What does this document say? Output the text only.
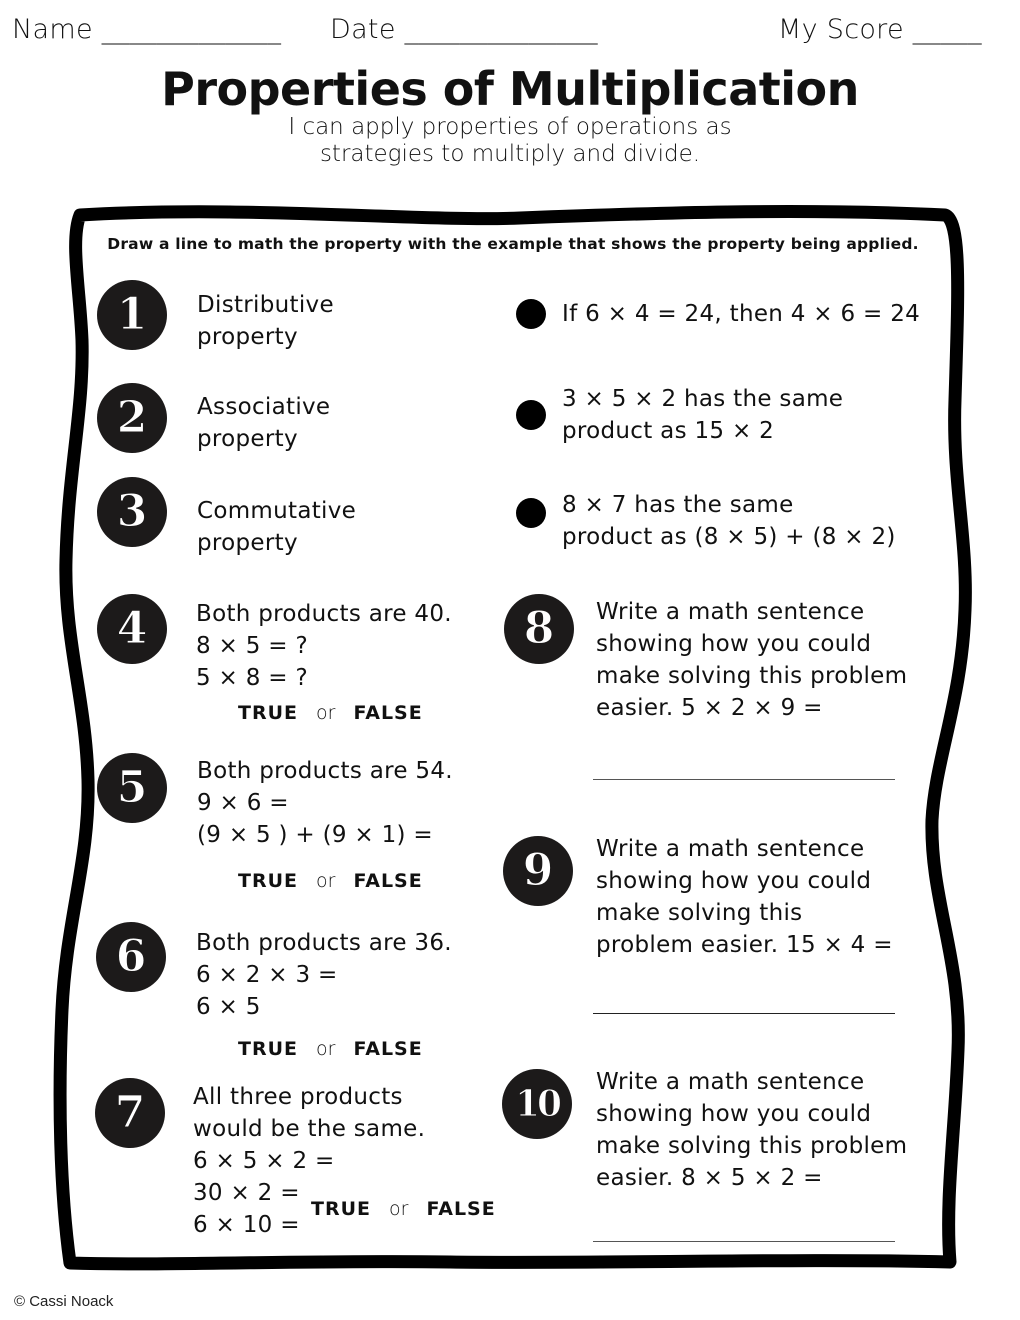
Name _____________ Date ______________	My Score _____
Properties of Multiplication
I can apply properties of operations as
strategies to multiply and divide.
Draw a line to math the property with the example that shows the property being applied.
1 Distributive
property
2 Associative
property
3 Commutative
property
If 6 × 4 = 24, then 4 × 6 = 24
3 × 5 × 2 has the same
product as 15 × 2
8 × 7 has the same
product as (8 × 5) + (8 × 2)
4 Both products are 40.
8 × 5 = ?
5 × 8 = ?
TRUE or FALSE
5 Both products are 54.
9 × 6 =
(9 × 5 ) + (9 × 1) =
TRUE or FALSE
6 Both products are 36.
6 × 2 × 3 =
6 × 5
TRUE or FALSE
7 All three products
would be the same.
6 × 5 × 2 =
30 × 2 =
6 × 10 =
TRUE or FALSE
8 Write a math sentence
showing how you could
make solving this problem
easier. 5 × 2 × 9 =
9 Write a math sentence
showing how you could
make solving this
problem easier. 15 × 4 =
10
Write a math sentence
showing how you could
make solving this problem
easier. 8 × 5 × 2 =
© Cassi Noack
